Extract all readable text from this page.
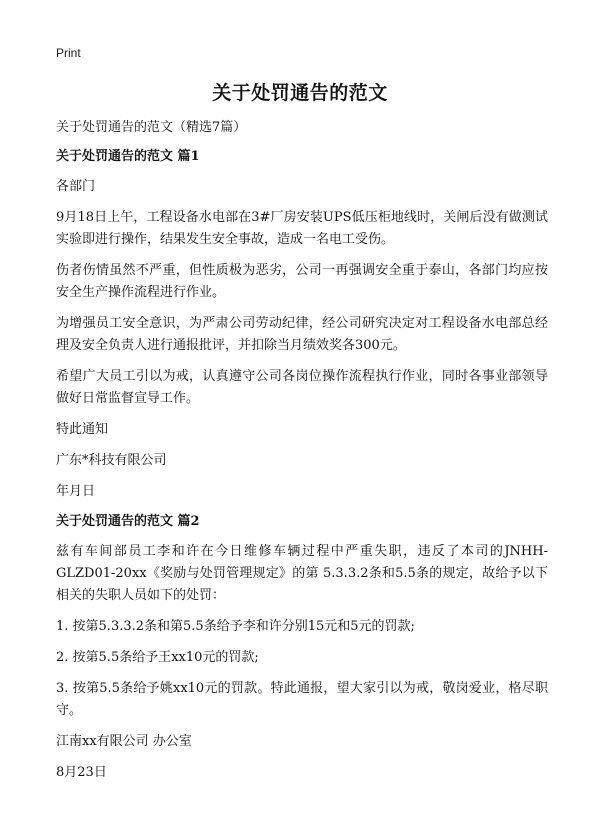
Print
关于处罚通告的范文

关于处罚通告的范文（精选7篇）

关于处罚通告的范文 篇1

各部门

9月18日上午，工程设备水电部在3#厂房安装UPS低压柜地线时，关闸后没有做测试实验即进行操作，结果发生安全事故，造成一名电工受伤。

伤者伤情虽然不严重，但性质极为恶劣，公司一再强调安全重于泰山，各部门均应按安全生产操作流程进行作业。

为增强员工安全意识，为严肃公司劳动纪律，经公司研究决定对工程设备水电部总经理及安全负责人进行通报批评，并扣除当月绩效奖各300元。

希望广大员工引以为戒，认真遵守公司各岗位操作流程执行作业，同时各事业部领导做好日常监督宣导工作。

特此通知

广东*科技有限公司

年月日

关于处罚通告的范文 篇2

兹有车间部员工李和许在今日维修车辆过程中严重失职，违反了本司的JNHH-GLZD01-20xx《奖励与处罚管理规定》的第 5.3.3.2条和5.5条的规定，故给予以下相关的失职人员如下的处罚：

1. 按第5.3.3.2条和第5.5条给予李和许分别15元和5元的罚款;

2. 按第5.5条给予王xx10元的罚款;

3. 按第5.5条给予姚xx10元的罚款。特此通报，望大家引以为戒，敬岗爱业，格尽职守。

江南xx有限公司 办公室

8月23日
